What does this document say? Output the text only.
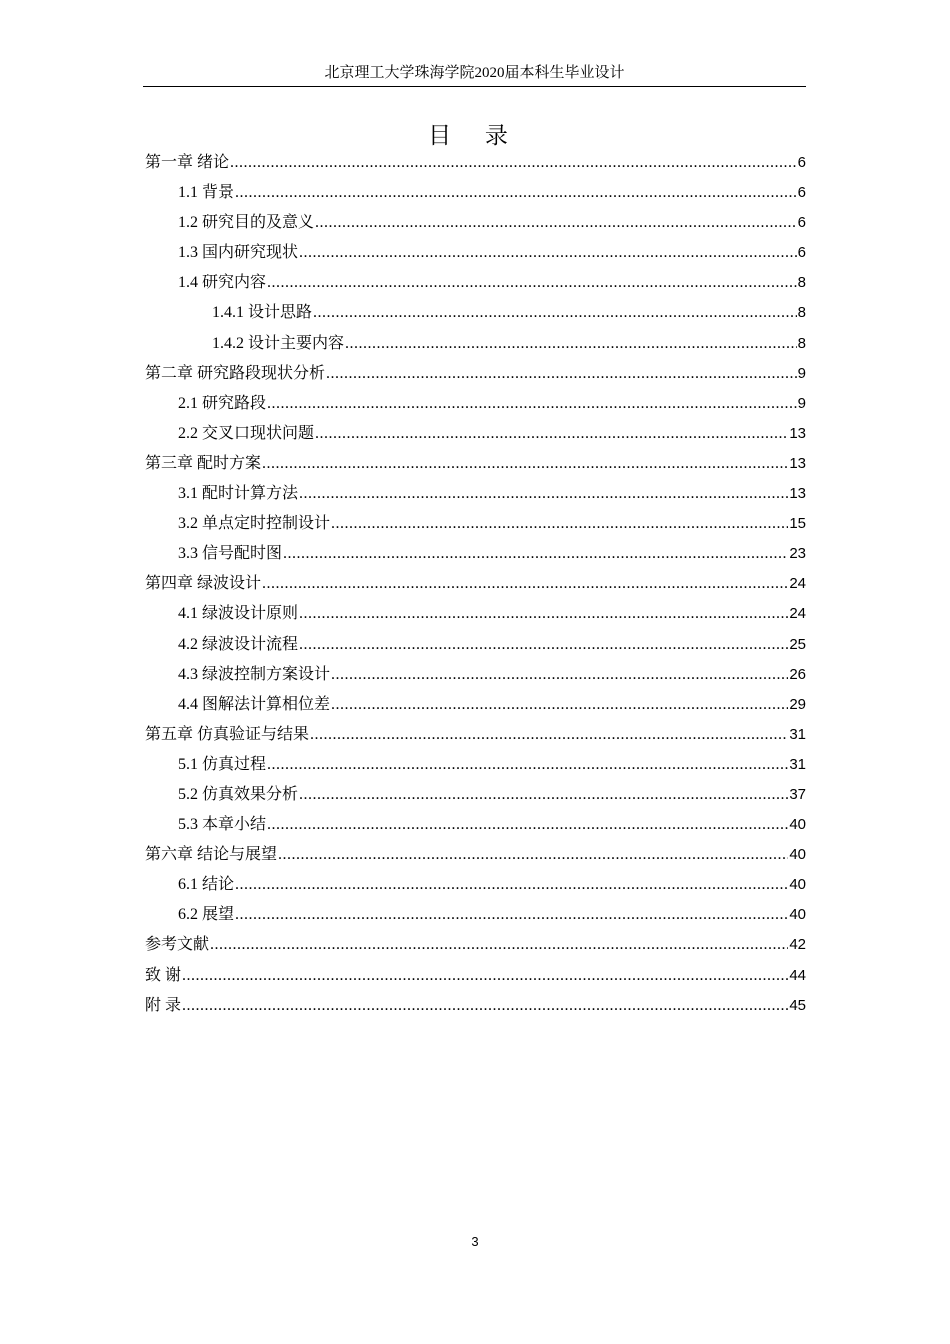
北京理工大学珠海学院2020届本科生毕业设计
目 录
第一章 绪论 .....	6
1.1 背景 .....	6
1.2 研究目的及意义 .....	6
1.3 国内研究现状 .....	6
1.4 研究内容 .....	8
1.4.1 设计思路 .....	8
1.4.2 设计主要内容 .....	8
第二章 研究路段现状分析 .....	9
2.1 研究路段 .....	9
2.2 交叉口现状问题 .....	13
第三章 配时方案 .....	13
3.1 配时计算方法 .....	13
3.2 单点定时控制设计 .....	15
3.3 信号配时图 .....	23
第四章 绿波设计 .....	24
4.1 绿波设计原则 .....	24
4.2 绿波设计流程 .....	25
4.3 绿波控制方案设计 .....	26
4.4 图解法计算相位差 .....	29
第五章 仿真验证与结果 .....	31
5.1 仿真过程 .....	31
5.2 仿真效果分析 .....	37
5.3 本章小结 .....	40
第六章 结论与展望 .....	40
6.1 结论 .....	40
6.2 展望 .....	40
参考文献 .....	42
致 谢 .....	44
附 录 .....	45
3
